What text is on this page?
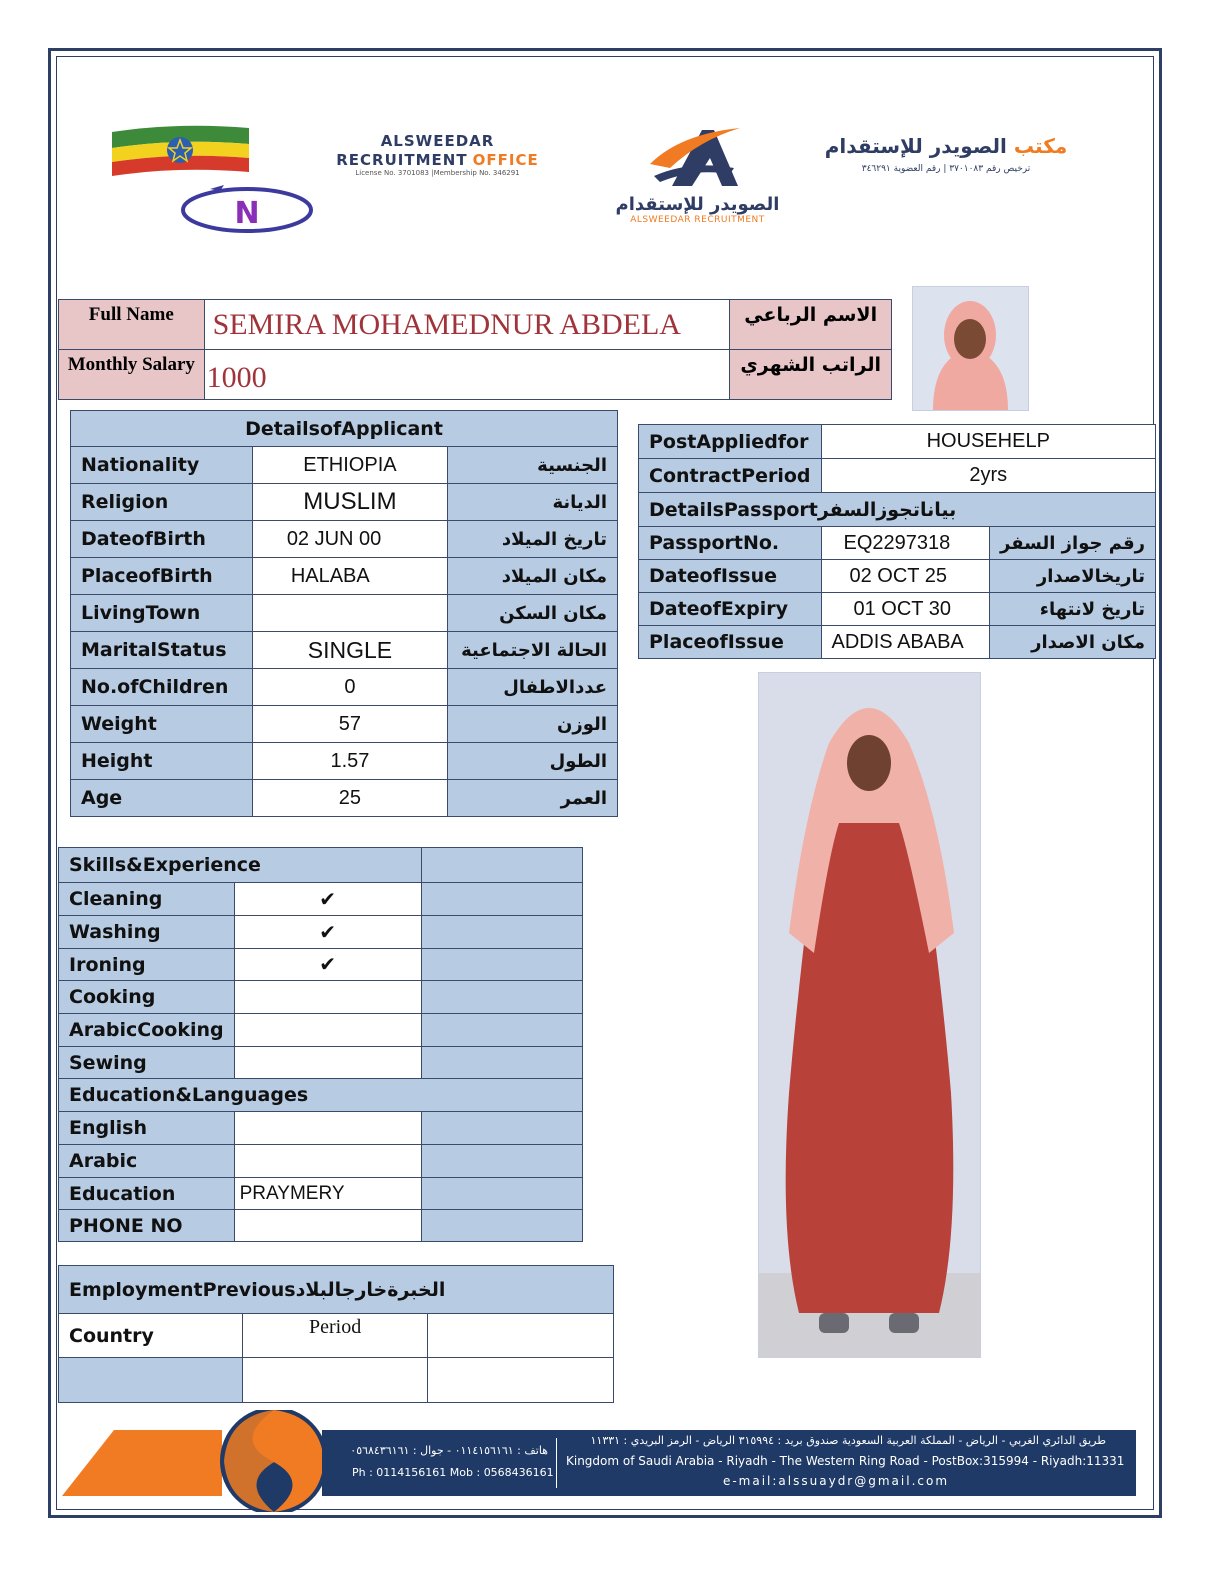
N
ALSWEEDAR
RECRUITMENT OFFICE
License No. 3701083 |Membership No. 346291
الصويدر للإستقدام
ALSWEEDAR RECRUITMENT
مكتب الصويدر للإستقدام
ترخيص رقم ٣٧٠١٠٨٣ | رقم العضوية ٣٤٦٢٩١
Full Name	SEMIRA MOHAMEDNUR ABDELA	الاسم الرباعي
Monthly Salary	1000	الراتب الشهري
DetailsofApplicant		
Nationality	ETHIOPIA	الجنسية
Religion	MUSLIM	الديانة
DateofBirth	02 JUN 00	تاريخ الميلاد
PlaceofBirth	HALABA	مكان الميلاد
LivingTown		مكان السكن
MaritalStatus	SINGLE	الحالة الاجتماعية
No.ofChildren	0	عددالاطفال
Weight	57	الوزن
Height	1.57	الطول
Age	25	العمر
PostAppliedfor	HOUSEHELP	
ContractPeriod	2yrs	
DetailsPassportبياناتجوزالسفر		
PassportNo.	EQ2297318	رقم جواز السفر
DateofIssue	02 OCT 25	تاريخالاصدار
DateofExpiry	01 OCT 30	تاريخ لانتهاء
PlaceofIssue	ADDIS ABABA	مكان الاصدار
Skills&Experience		
Cleaning	✔	
Washing	✔	
Ironing	✔	
Cooking		
ArabicCooking		
Sewing		
Education&Languages		
English		
Arabic		
Education	PRAYMERY	
PHONE NO		
EmploymentPreviousالخبرةخارجالبلاد		
Country	Period	

هاتف : ٠١١٤١٥٦١٦١ - جوال : ٠٥٦٨٤٣٦١٦١
Ph : 0114156161 Mob : 0568436161
طريق الدائري الغربي - الرياض - المملكة العربية السعودية صندوق بريد : ٣١٥٩٩٤ الرياض - الرمز البريدي : ١١٣٣١
Kingdom of Saudi Arabia - Riyadh - The Western Ring Road - PostBox:315994 - Riyadh:11331
e-mail:alssuaydr@gmail.com
